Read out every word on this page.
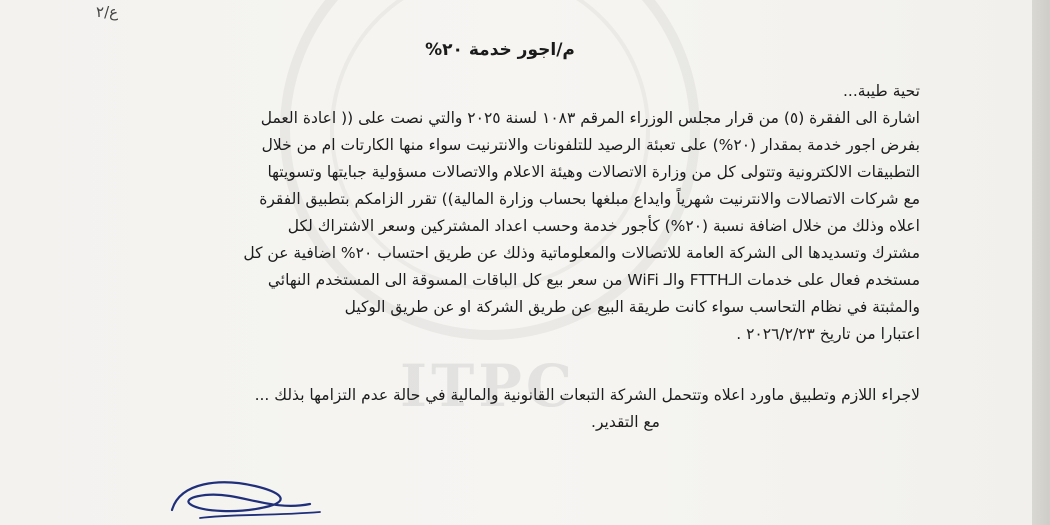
ITPC
ع/٢
م/اجور خدمة ٢٠%
تحية طيبة...
اشارة الى الفقرة (٥) من قرار مجلس الوزراء المرقم ١٠٨٣ لسنة ٢٠٢٥ والتي نصت على (( اعادة العمل
بفرض اجور خدمة بمقدار (٢٠%) على تعبئة الرصيد للتلفونات والانترنيت سواء منها الكارتات ام من خلال
التطبيقات الالكترونية وتتولى كل من وزارة الاتصالات وهيئة الاعلام والاتصالات مسؤولية جبايتها وتسويتها
مع شركات الاتصالات والانترنيت شهرياً وايداع مبلغها بحساب وزارة المالية)) تقرر الزامكم بتطبيق الفقرة
اعلاه وذلك من خلال اضافة نسبة (٢٠%) كأجور خدمة وحسب اعداد المشتركين وسعر الاشتراك لكل
مشترك وتسديدها الى الشركة العامة للاتصالات والمعلوماتية وذلك عن طريق احتساب ٢٠% اضافية عن كل
مستخدم فعال على خدمات الـFTTH والـ WiFi من سعر بيع كل الباقات المسوقة الى المستخدم النهائي
والمثبتة في نظام التحاسب سواء كانت طريقة البيع عن طريق الشركة او عن طريق الوكيل
اعتبارا من تاريخ ٢٠٢٦/٢/٢٣ .
لاجراء اللازم وتطبيق ماورد اعلاه وتتحمل الشركة التبعات القانونية والمالية في حالة عدم التزامها بذلك ...
مع التقدير.
